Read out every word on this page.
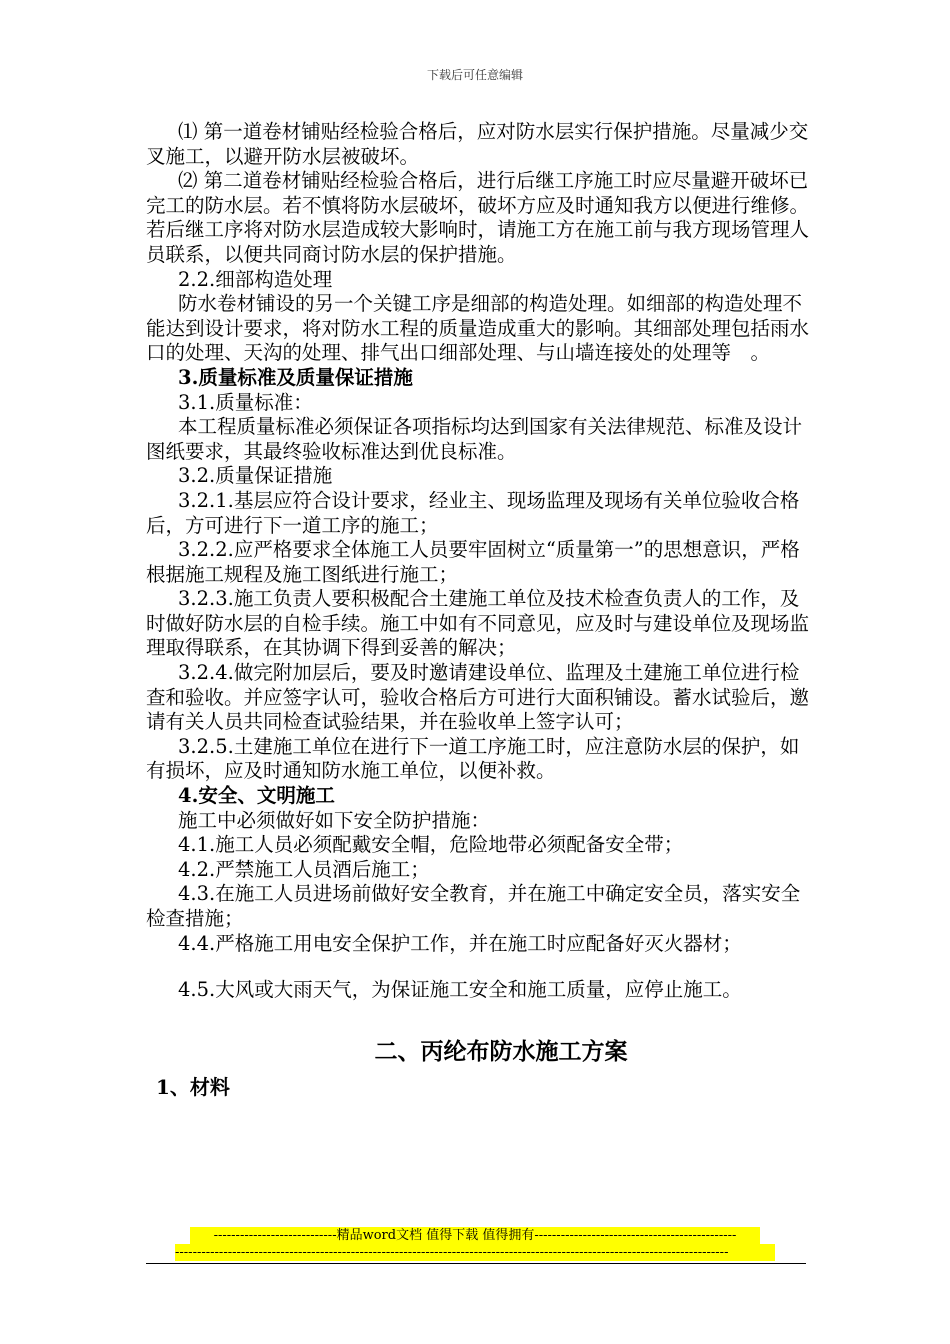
下载后可任意编辑

⑴ 第一道卷材铺贴经检验合格后，应对防水层实行保护措施。尽量减少交叉施工，以避开防水层被破坏。

⑵ 第二道卷材铺贴经检验合格后，进行后继工序施工时应尽量避开破坏已完工的防水层。若不慎将防水层破坏，破坏方应及时通知我方以便进行维修。若后继工序将对防水层造成较大影响时，请施工方在施工前与我方现场管理人员联系，以便共同商讨防水层的保护措施。

2.2.细部构造处理

防水卷材铺设的另一个关键工序是细部的构造处理。如细部的构造处理不能达到设计要求，将对防水工程的质量造成重大的影响。其细部处理包括雨水口的处理、天沟的处理、排气出口细部处理、与山墙连接处的处理等　。

3.质量标准及质量保证措施

3.1.质量标准：

本工程质量标准必须保证各项指标均达到国家有关法律规范、标准及设计图纸要求，其最终验收标准达到优良标准。

3.2.质量保证措施

3.2.1.基层应符合设计要求，经业主、现场监理及现场有关单位验收合格后，方可进行下一道工序的施工；

3.2.2.应严格要求全体施工人员要牢固树立“质量第一”的思想意识，严格根据施工规程及施工图纸进行施工；

3.2.3.施工负责人要积极配合土建施工单位及技术检查负责人的工作，及时做好防水层的自检手续。施工中如有不同意见，应及时与建设单位及现场监理取得联系，在其协调下得到妥善的解决；

3.2.4.做完附加层后，要及时邀请建设单位、监理及土建施工单位进行检查和验收。并应签字认可，验收合格后方可进行大面积铺设。蓄水试验后，邀请有关人员共同检查试验结果，并在验收单上签字认可；

3.2.5.土建施工单位在进行下一道工序施工时，应注意防水层的保护，如有损坏，应及时通知防水施工单位，以便补救。

4.安全、文明施工

施工中必须做好如下安全防护措施：

4.1.施工人员必须配戴安全帽，危险地带必须配备安全带；

4.2.严禁施工人员酒后施工；

4.3.在施工人员进场前做好安全教育，并在施工中确定安全员，落实安全检查措施；

4.4.严格施工用电安全保护工作，并在施工时应配备好灭火器材；

4.5.大风或大雨天气，为保证施工安全和施工质量，应停止施工。

二、丙纶布防水施工方案

1、材料

----------------------------精品word文档 值得下载 值得拥有----------------------------------------------
------------------------------------------------------------------------------------------------------------------------------
